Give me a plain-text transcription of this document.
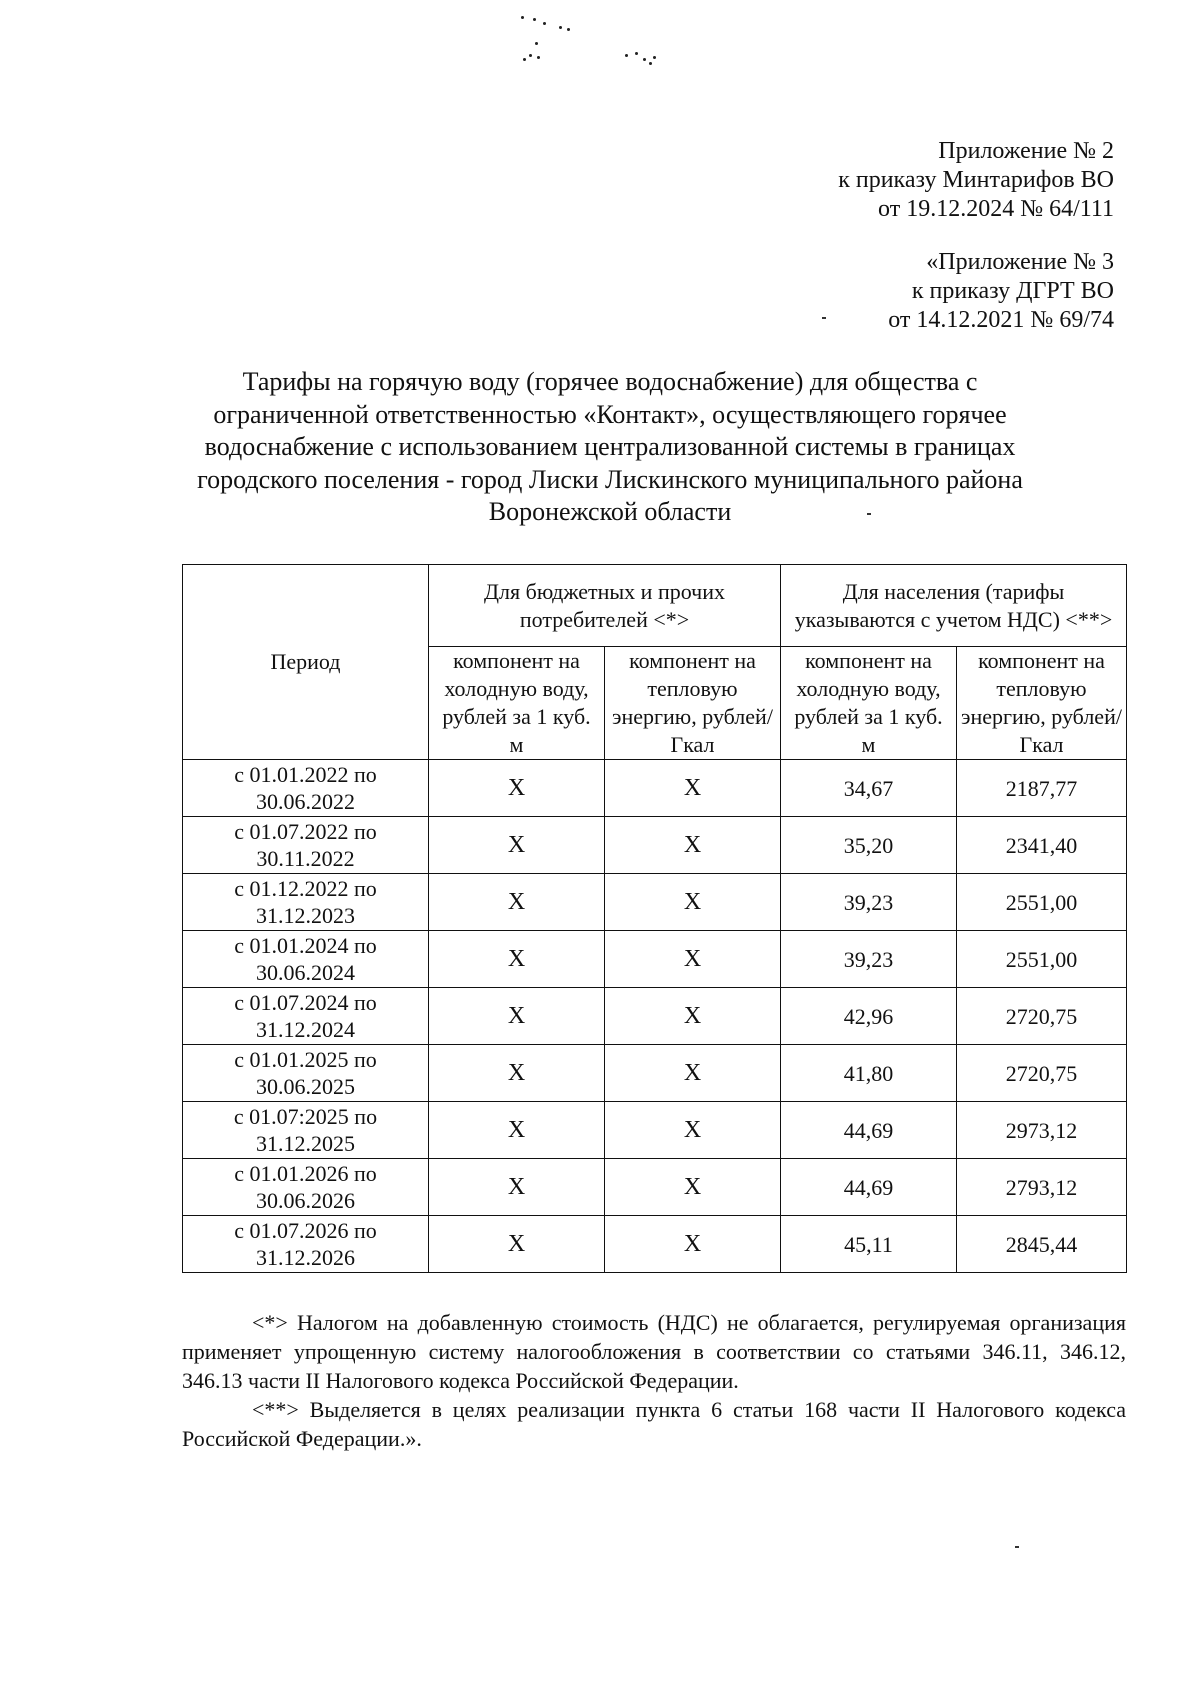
Приложение № 2
к приказу Минтарифов ВО
от 19.12.2024 № 64/111
«Приложение № 3
к приказу ДГРТ ВО
от 14.12.2021 № 69/74
Тарифы на горячую воду (горячее водоснабжение) для общества с
ограниченной ответственностью «Контакт», осуществляющего горячее
водоснабжение с использованием централизованной системы в границах
городского поселения - город Лиски Лискинского муниципального района
Воронежской области
Период	Для бюджетных и прочих потребителей <*>		Для населения (тарифы указываются с учетом НДС) <**>	
	компонент на холодную воду, рублей за 1 куб. м	компонент на тепловую энергию, рублей/Гкал	компонент на холодную воду, рублей за 1 куб. м	компонент на тепловую энергию, рублей/Гкал
с 01.01.2022 по 30.06.2022	Х	Х	34,67	2187,77
с 01.07.2022 по 30.11.2022	Х	Х	35,20	2341,40
с 01.12.2022 по 31.12.2023	Х	Х	39,23	2551,00
с 01.01.2024 по 30.06.2024	Х	Х	39,23	2551,00
с 01.07.2024 по 31.12.2024	Х	Х	42,96	2720,75
с 01.01.2025 по 30.06.2025	Х	Х	41,80	2720,75
с 01.07:2025 по 31.12.2025	Х	Х	44,69	2973,12
с 01.01.2026 по 30.06.2026	Х	Х	44,69	2793,12
с 01.07.2026 по 31.12.2026	Х	Х	45,11	2845,44

<*> Налогом на добавленную стоимость (НДС) не облагается, регулируемая организация применяет упрощенную систему налогообложения в соответствии со статьями 346.11, 346.12, 346.13 части II Налогового кодекса Российской Федерации.

<**> Выделяется в целях реализации пункта 6 статьи 168 части II Налогового кодекса Российской Федерации.».
